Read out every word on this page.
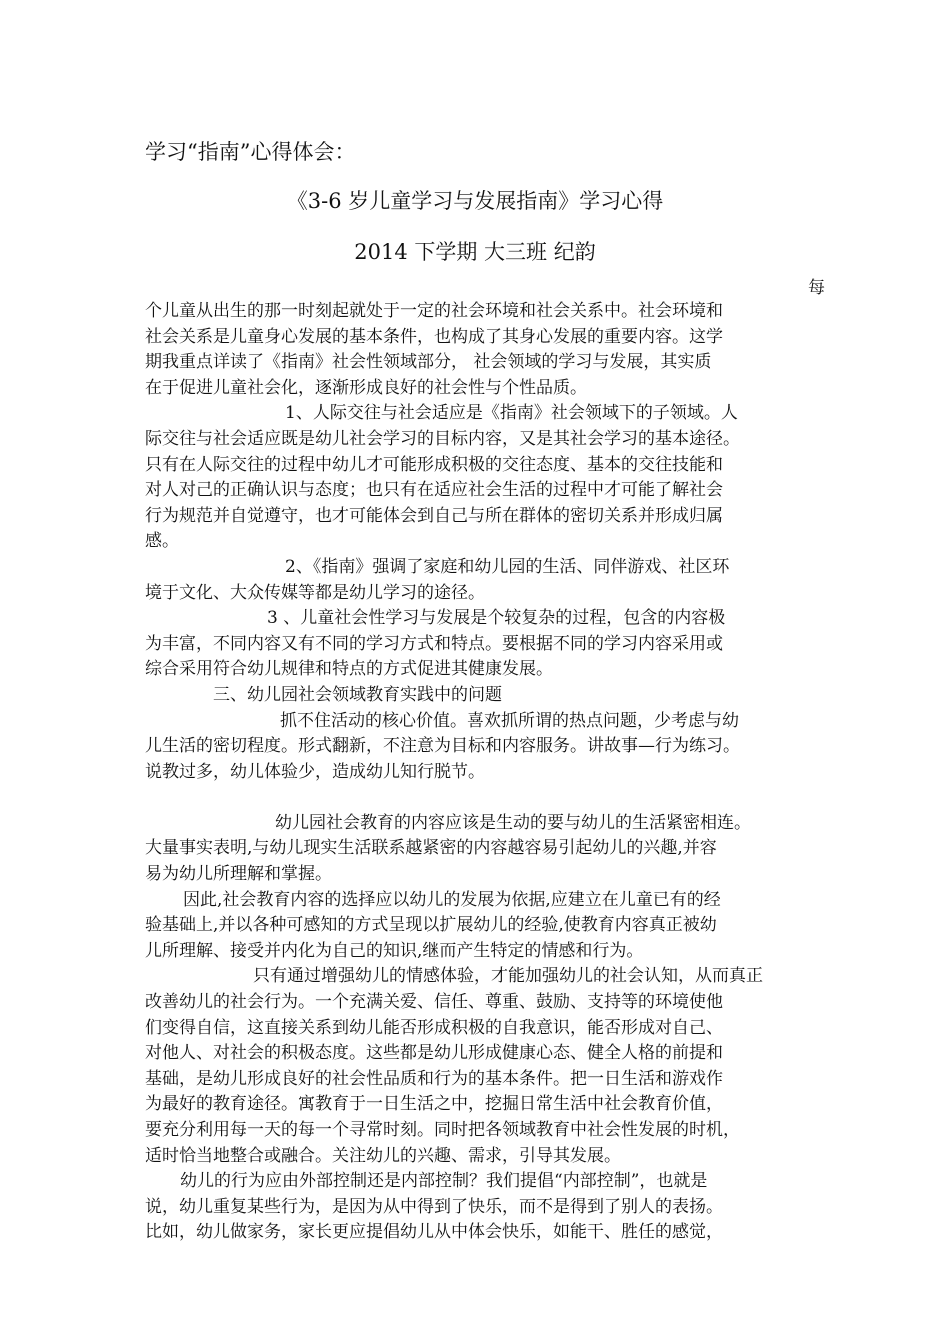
学习“指南”心得体会：
《3-6 岁儿童学习与发展指南》学习心得
2014 下学期 大三班 纪韵
每
个儿童从出生的那一时刻起就处于一定的社会环境和社会关系中。社会环境和
社会关系是儿童身心发展的基本条件，也构成了其身心发展的重要内容。这学
期我重点详读了《指南》社会性领域部分， 社会领域的学习与发展，其实质
在于促进儿童社会化，逐渐形成良好的社会性与个性品质。
1、人际交往与社会适应是《指南》社会领域下的子领域。人
际交往与社会适应既是幼儿社会学习的目标内容，又是其社会学习的基本途径。
只有在人际交往的过程中幼儿才可能形成积极的交往态度、基本的交往技能和
对人对己的正确认识与态度；也只有在适应社会生活的过程中才可能了解社会
行为规范并自觉遵守，也才可能体会到自己与所在群体的密切关系并形成归属
感。
2、《指南》强调了家庭和幼儿园的生活、同伴游戏、社区环
境于文化、大众传媒等都是幼儿学习的途径。
3 、儿童社会性学习与发展是个较复杂的过程，包含的内容极
为丰富，不同内容又有不同的学习方式和特点。要根据不同的学习内容采用或
综合采用符合幼儿规律和特点的方式促进其健康发展。
三、幼儿园社会领域教育实践中的问题
抓不住活动的核心价值。喜欢抓所谓的热点问题，少考虑与幼
儿生活的密切程度。形式翻新，不注意为目标和内容服务。讲故事—行为练习。
说教过多，幼儿体验少，造成幼儿知行脱节。
幼儿园社会教育的内容应该是生动的要与幼儿的生活紧密相连。
大量事实表明,与幼儿现实生活联系越紧密的内容越容易引起幼儿的兴趣,并容
易为幼儿所理解和掌握。
因此,社会教育内容的选择应以幼儿的发展为依据,应建立在儿童已有的经
验基础上,并以各种可感知的方式呈现以扩展幼儿的经验,使教育内容真正被幼
儿所理解、接受并内化为自己的知识,继而产生特定的情感和行为。
只有通过增强幼儿的情感体验，才能加强幼儿的社会认知，从而真正
改善幼儿的社会行为。一个充满关爱、信任、尊重、鼓励、支持等的环境使他
们变得自信，这直接关系到幼儿能否形成积极的自我意识，能否形成对自己、
对他人、对社会的积极态度。这些都是幼儿形成健康心态、健全人格的前提和
基础，是幼儿形成良好的社会性品质和行为的基本条件。把一日生活和游戏作
为最好的教育途径。寓教育于一日生活之中，挖掘日常生活中社会教育价值，
要充分利用每一天的每一个寻常时刻。同时把各领域教育中社会性发展的时机，
适时恰当地整合或融合。关注幼儿的兴趣、需求，引导其发展。
幼儿的行为应由外部控制还是内部控制？我们提倡“内部控制”，也就是
说，幼儿重复某些行为，是因为从中得到了快乐，而不是得到了别人的表扬。
比如，幼儿做家务，家长更应提倡幼儿从中体会快乐，如能干、胜任的感觉，
